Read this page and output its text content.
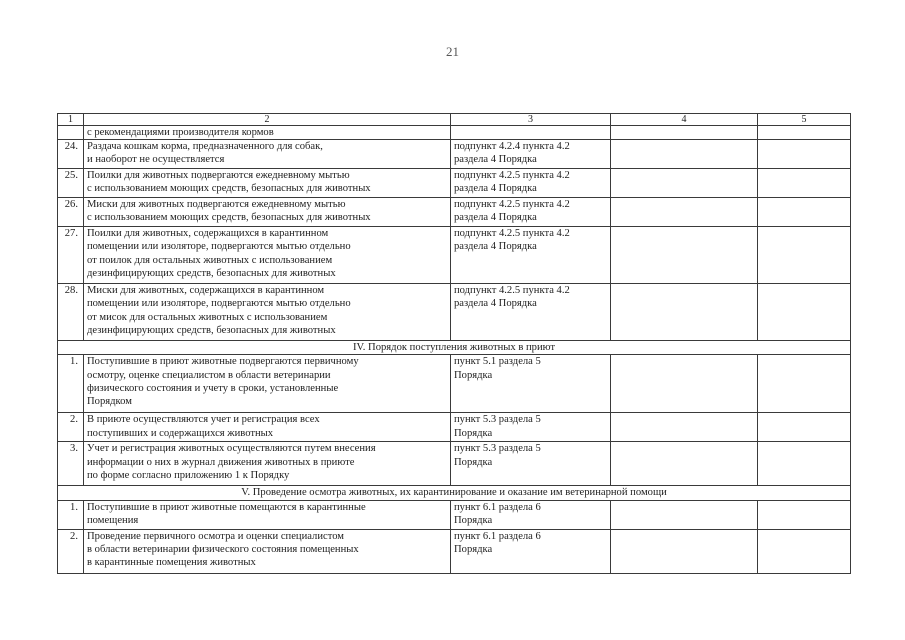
21
1	2	3	4	5
	с рекомендациями производителя кормов			
24.	Раздача кошкам корма, предназначенного для собак,
и наоборот не осуществляется	подпункт 4.2.4 пункта 4.2
раздела 4 Порядка		
25.	Поилки для животных подвергаются ежедневному мытью
с использованием моющих средств, безопасных для животных	подпункт 4.2.5 пункта 4.2
раздела 4 Порядка		
26.	Миски для животных подвергаются ежедневному мытью
с использованием моющих средств, безопасных для животных	подпункт 4.2.5 пункта 4.2
раздела 4 Порядка		
27.	Поилки для животных, содержащихся в карантинном
помещении или изоляторе, подвергаются мытью отдельно
от поилок для остальных животных с использованием
дезинфицирующих средств, безопасных для животных	подпункт 4.2.5 пункта 4.2
раздела 4 Порядка		
28.	Миски для животных, содержащихся в карантинном
помещении или изоляторе, подвергаются мытью отдельно
от мисок для остальных животных с использованием
дезинфицирующих средств, безопасных для животных	подпункт 4.2.5 пункта 4.2
раздела 4 Порядка		
IV. Порядок поступления животных в приют				
1.	Поступившие в приют животные подвергаются первичному
осмотру, оценке специалистом в области ветеринарии
физического состояния и учету в сроки, установленные
Порядком	пункт 5.1 раздела 5
Порядка		
2.	В приюте осуществляются учет и регистрация всех
поступивших и содержащихся животных	пункт 5.3 раздела 5
Порядка		
3.	Учет и регистрация животных осуществляются путем внесения
информации о них в журнал движения животных в приюте
по форме согласно приложению 1 к Порядку	пункт 5.3 раздела 5
Порядка		
V. Проведение осмотра животных, их карантинирование и оказание им ветеринарной помощи				
1.	Поступившие в приют животные помещаются в карантинные
помещения	пункт 6.1 раздела 6
Порядка		
2.	Проведение первичного осмотра и оценки специалистом
в области ветеринарии физического состояния помещенных
в карантинные помещения животных	пункт 6.1 раздела 6
Порядка		
